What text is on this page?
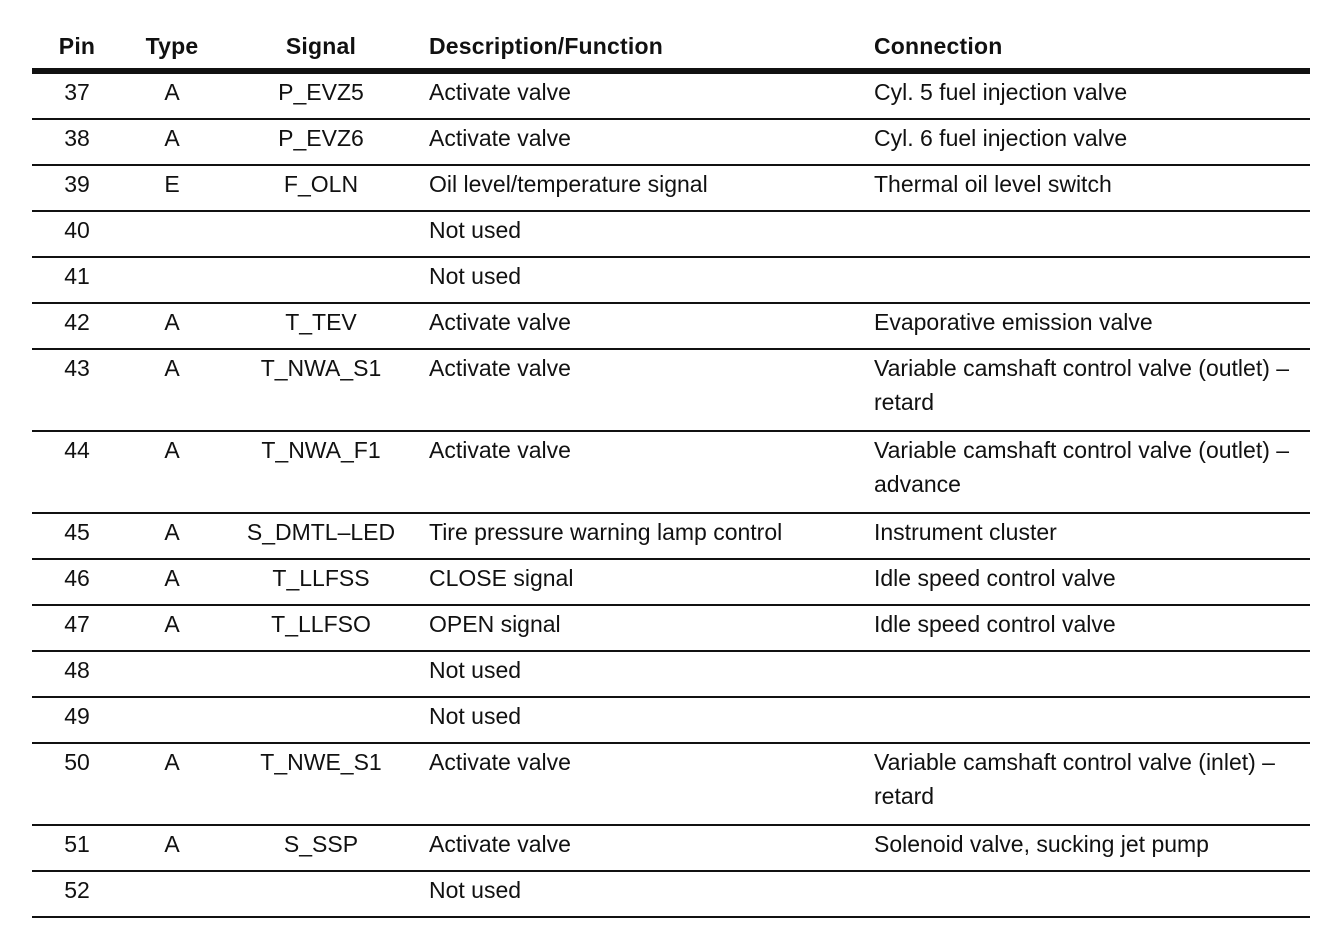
Pin	Type	Signal	Description/Function	Connection

37	A	P_EVZ5	Activate valve	Cyl. 5 fuel injection valve

38	A	P_EVZ6	Activate valve	Cyl. 6 fuel injection valve

39	E	F_OLN	Oil level/temperature signal	Thermal oil level switch

40			Not used	

41			Not used	

42	A	T_TEV	Activate valve	Evaporative emission valve

43	A	T_NWA_S1	Activate valve	Variable camshaft control valve (outlet) – retard

44	A	T_NWA_F1	Activate valve	Variable camshaft control valve (outlet) – advance

45	A	S_DMTL–LED	Tire pressure warning lamp control	Instrument cluster

46	A	T_LLFSS	CLOSE signal	Idle speed control valve

47	A	T_LLFSO	OPEN signal	Idle speed control valve

48			Not used	

49			Not used	

50	A	T_NWE_S1	Activate valve	Variable camshaft control valve (inlet) – retard

51	A	S_SSP	Activate valve	Solenoid valve, sucking jet pump

52			Not used	
